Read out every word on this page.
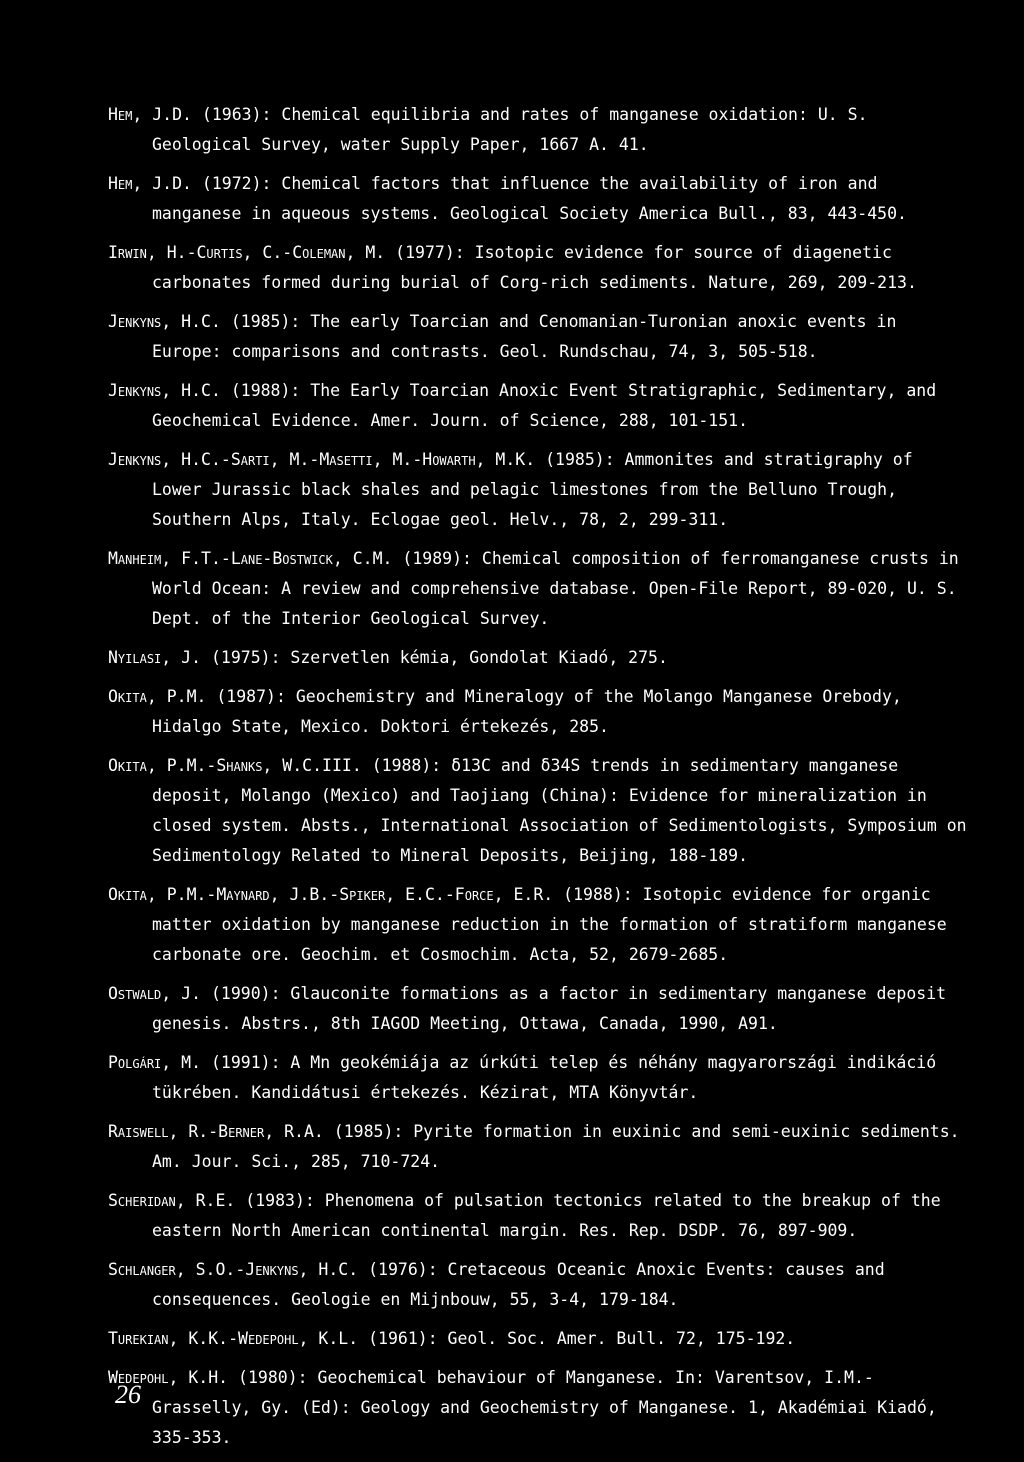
Hem, J.D. (1963): Chemical equilibria and rates of manganese oxidation: U. S. Geological Survey, water Supply Paper, 1667 A. 41.

Hem, J.D. (1972): Chemical factors that influence the availability of iron and manganese in aqueous systems. Geological Society America Bull., 83, 443-450.

Irwin, H.-Curtis, C.-Coleman, M. (1977): Isotopic evidence for source of diagenetic carbonates formed during burial of Corg-rich sediments. Nature, 269, 209-213.

Jenkyns, H.C. (1985): The early Toarcian and Cenomanian-Turonian anoxic events in Europe: comparisons and contrasts. Geol. Rundschau, 74, 3, 505-518.

Jenkyns, H.C. (1988): The Early Toarcian Anoxic Event Stratigraphic, Sedimentary, and Geochemical Evidence. Amer. Journ. of Science, 288, 101-151.

Jenkyns, H.C.-Sarti, M.-Masetti, M.-Howarth, M.K. (1985): Ammonites and stratigraphy of Lower Jurassic black shales and pelagic limestones from the Belluno Trough, Southern Alps, Italy. Eclogae geol. Helv., 78, 2, 299-311.

Manheim, F.T.-Lane-Bostwick, C.M. (1989): Chemical composition of ferromanganese crusts in World Ocean: A review and comprehensive database. Open-File Report, 89-020, U. S. Dept. of the Interior Geological Survey.

Nyilasi, J. (1975): Szervetlen kémia, Gondolat Kiadó, 275.

Okita, P.M. (1987): Geochemistry and Mineralogy of the Molango Manganese Orebody, Hidalgo State, Mexico. Doktori értekezés, 285.

Okita, P.M.-Shanks, W.C.III. (1988): δ13C and δ34S trends in sedimentary manganese deposit, Molango (Mexico) and Taojiang (China): Evidence for mineralization in closed system. Absts., International Association of Sedimentologists, Symposium on Sedimentology Related to Mineral Deposits, Beijing, 188-189.

Okita, P.M.-Maynard, J.B.-Spiker, E.C.-Force, E.R. (1988): Isotopic evidence for organic matter oxidation by manganese reduction in the formation of stratiform manganese carbonate ore. Geochim. et Cosmochim. Acta, 52, 2679-2685.

Ostwald, J. (1990): Glauconite formations as a factor in sedimentary manganese deposit genesis. Abstrs., 8th IAGOD Meeting, Ottawa, Canada, 1990, A91.

Polgári, M. (1991): A Mn geokémiája az úrkúti telep és néhány magyarországi indikáció tükrében. Kandidátusi értekezés. Kézirat, MTA Könyvtár.

Raiswell, R.-Berner, R.A. (1985): Pyrite formation in euxinic and semi-euxinic sediments. Am. Jour. Sci., 285, 710-724.

Scheridan, R.E. (1983): Phenomena of pulsation tectonics related to the breakup of the eastern North American continental margin. Res. Rep. DSDP. 76, 897-909.

Schlanger, S.O.-Jenkyns, H.C. (1976): Cretaceous Oceanic Anoxic Events: causes and consequences. Geologie en Mijnbouw, 55, 3-4, 179-184.

Turekian, K.K.-Wedepohl, K.L. (1961): Geol. Soc. Amer. Bull. 72, 175-192.

Wedepohl, K.H. (1980): Geochemical behaviour of Manganese. In: Varentsov, I.M.-Grasselly, Gy. (Ed): Geology and Geochemistry of Manganese. 1, Akadémiai Kiadó, 335-353.

26
